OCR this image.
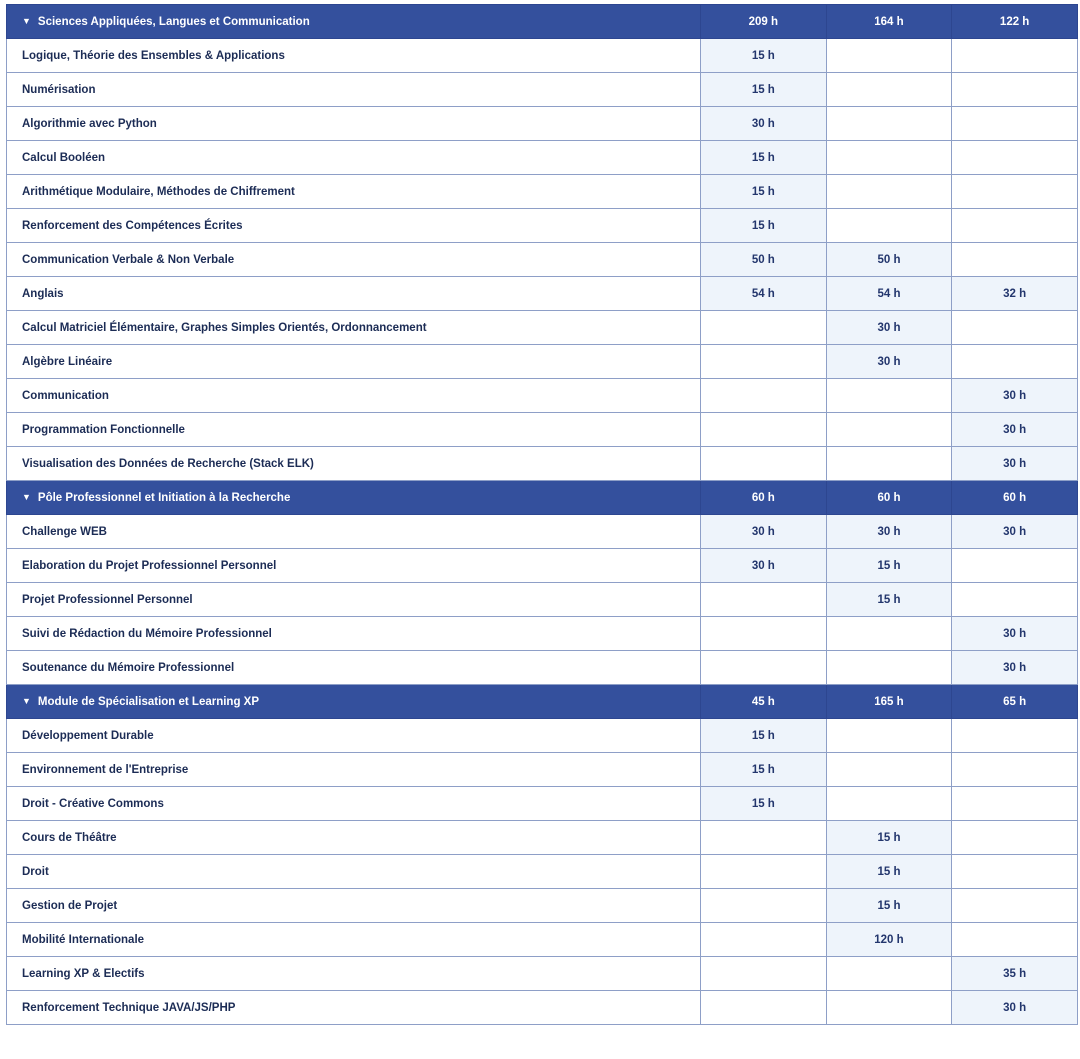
▼ Sciences Appliquées, Langues et Communication	209 h	164 h	122 h
Logique, Théorie des Ensembles & Applications	15 h		
Numérisation	15 h		
Algorithmie avec Python	30 h		
Calcul Booléen	15 h		
Arithmétique Modulaire, Méthodes de Chiffrement	15 h		
Renforcement des Compétences Écrites	15 h		
Communication Verbale & Non Verbale	50 h	50 h	
Anglais	54 h	54 h	32 h
Calcul Matriciel Élémentaire, Graphes Simples Orientés, Ordonnancement		30 h	
Algèbre Linéaire		30 h	
Communication			30 h
Programmation Fonctionnelle			30 h
Visualisation des Données de Recherche (Stack ELK)			30 h
▼ Pôle Professionnel et Initiation à la Recherche	60 h	60 h	60 h
Challenge WEB	30 h	30 h	30 h
Elaboration du Projet Professionnel Personnel	30 h	15 h	
Projet Professionnel Personnel		15 h	
Suivi de Rédaction du Mémoire Professionnel			30 h
Soutenance du Mémoire Professionnel			30 h
▼ Module de Spécialisation et Learning XP	45 h	165 h	65 h
Développement Durable	15 h		
Environnement de l'Entreprise	15 h		
Droit - Créative Commons	15 h		
Cours de Théâtre		15 h	
Droit		15 h	
Gestion de Projet		15 h	
Mobilité Internationale		120 h	
Learning XP & Electifs			35 h
Renforcement Technique JAVA/JS/PHP			30 h
